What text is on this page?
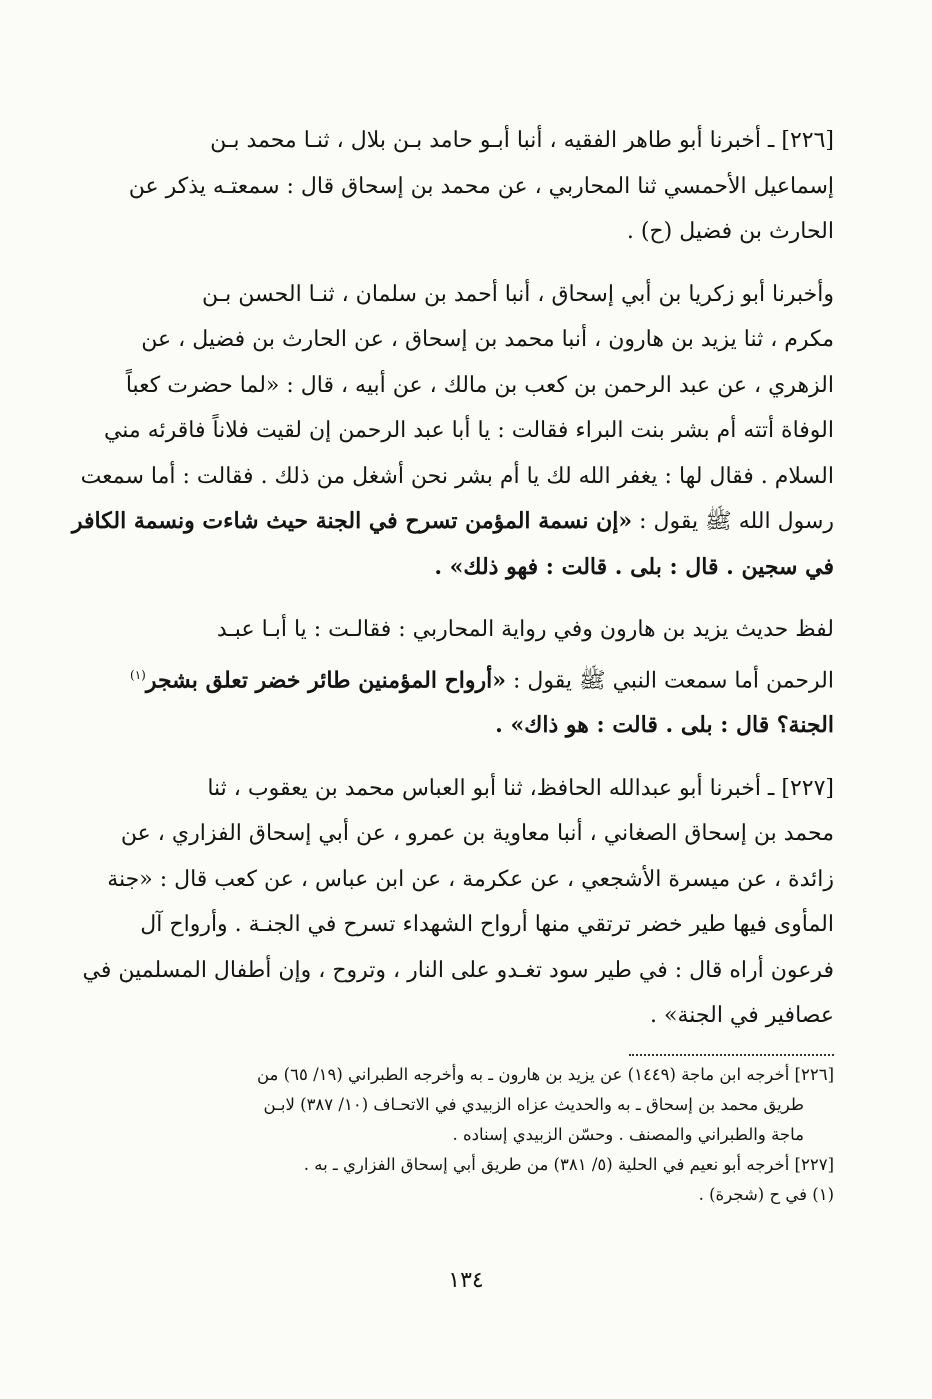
[٢٢٦] ـ أخبرنا أبو طاهر الفقيه ، أنبا أبـو حامد بـن بلال ، ثنـا محمد بـن
إسماعيل الأحمسي ثنا المحاربي ، عن محمد بن إسحاق قال : سمعتـه يذكر عن
الحارث بن فضيل (ح) .

وأخبرنا أبو زكريا بن أبي إسحاق ، أنبا أحمد بن سلمان ، ثنـا الحسن بـن
مكرم ، ثنا يزيد بن هارون ، أنبا محمد بن إسحاق ، عن الحارث بن فضيل ، عن
الزهري ، عن عبد الرحمن بن كعب بن مالك ، عن أبيه ، قال : «لما حضرت كعباً
الوفاة أتته أم بشر بنت البراء فقالت : يا أبا عبد الرحمن إن لقيت فلاناً فاقرئه مني
السلام . فقال لها : يغفر الله لك يا أم بشر نحن أشغل من ذلك . فقالت : أما سمعت
رسول الله ﷺ يقول : «إن نسمة المؤمن تسرح في الجنة حيث شاءت ونسمة الكافر
في سجين . قال : بلى . قالت : فهو ذلك» .

لفظ حديث يزيد بن هارون وفي رواية المحاربي : فقالـت : يا أبـا عبـد
الرحمن أما سمعت النبي ﷺ يقول : «أرواح المؤمنين طائر خضر تعلق بشجر$^{(١)}$
الجنة؟ قال : بلى . قالت : هو ذاك» .

[٢٢٧] ـ أخبرنا أبو عبدالله الحافظ، ثنا أبو العباس محمد بن يعقوب ، ثنا
محمد بن إسحاق الصغاني ، أنبا معاوية بن عمرو ، عن أبي إسحاق الفزاري ، عن
زائدة ، عن ميسرة الأشجعي ، عن عكرمة ، عن ابن عباس ، عن كعب قال : «جنة
المأوى فيها طير خضر ترتقي منها أرواح الشهداء تسرح في الجنـة . وأرواح آل
فرعون أراه قال : في طير سود تغـدو على النار ، وتروح ، وإن أطفال المسلمين في
عصافير في الجنة» .

[٢٢٦] أخرجه ابن ماجة (١٤٤٩) عن يزيد بن هارون ـ به وأخرجه الطبراني (١٩/ ٦٥) من
طريق محمد بن إسحاق ـ به والحديث عزاه الزبيدي في الاتحـاف (١٠/ ٣٨٧) لابـن
ماجة والطبراني والمصنف . وحسّن الزبيدي إسناده .
[٢٢٧] أخرجه أبو نعيم في الحلية (٥/ ٣٨١) من طريق أبي إسحاق الفزاري ـ به .
(١) في ح (شجرة) .
١٣٤
